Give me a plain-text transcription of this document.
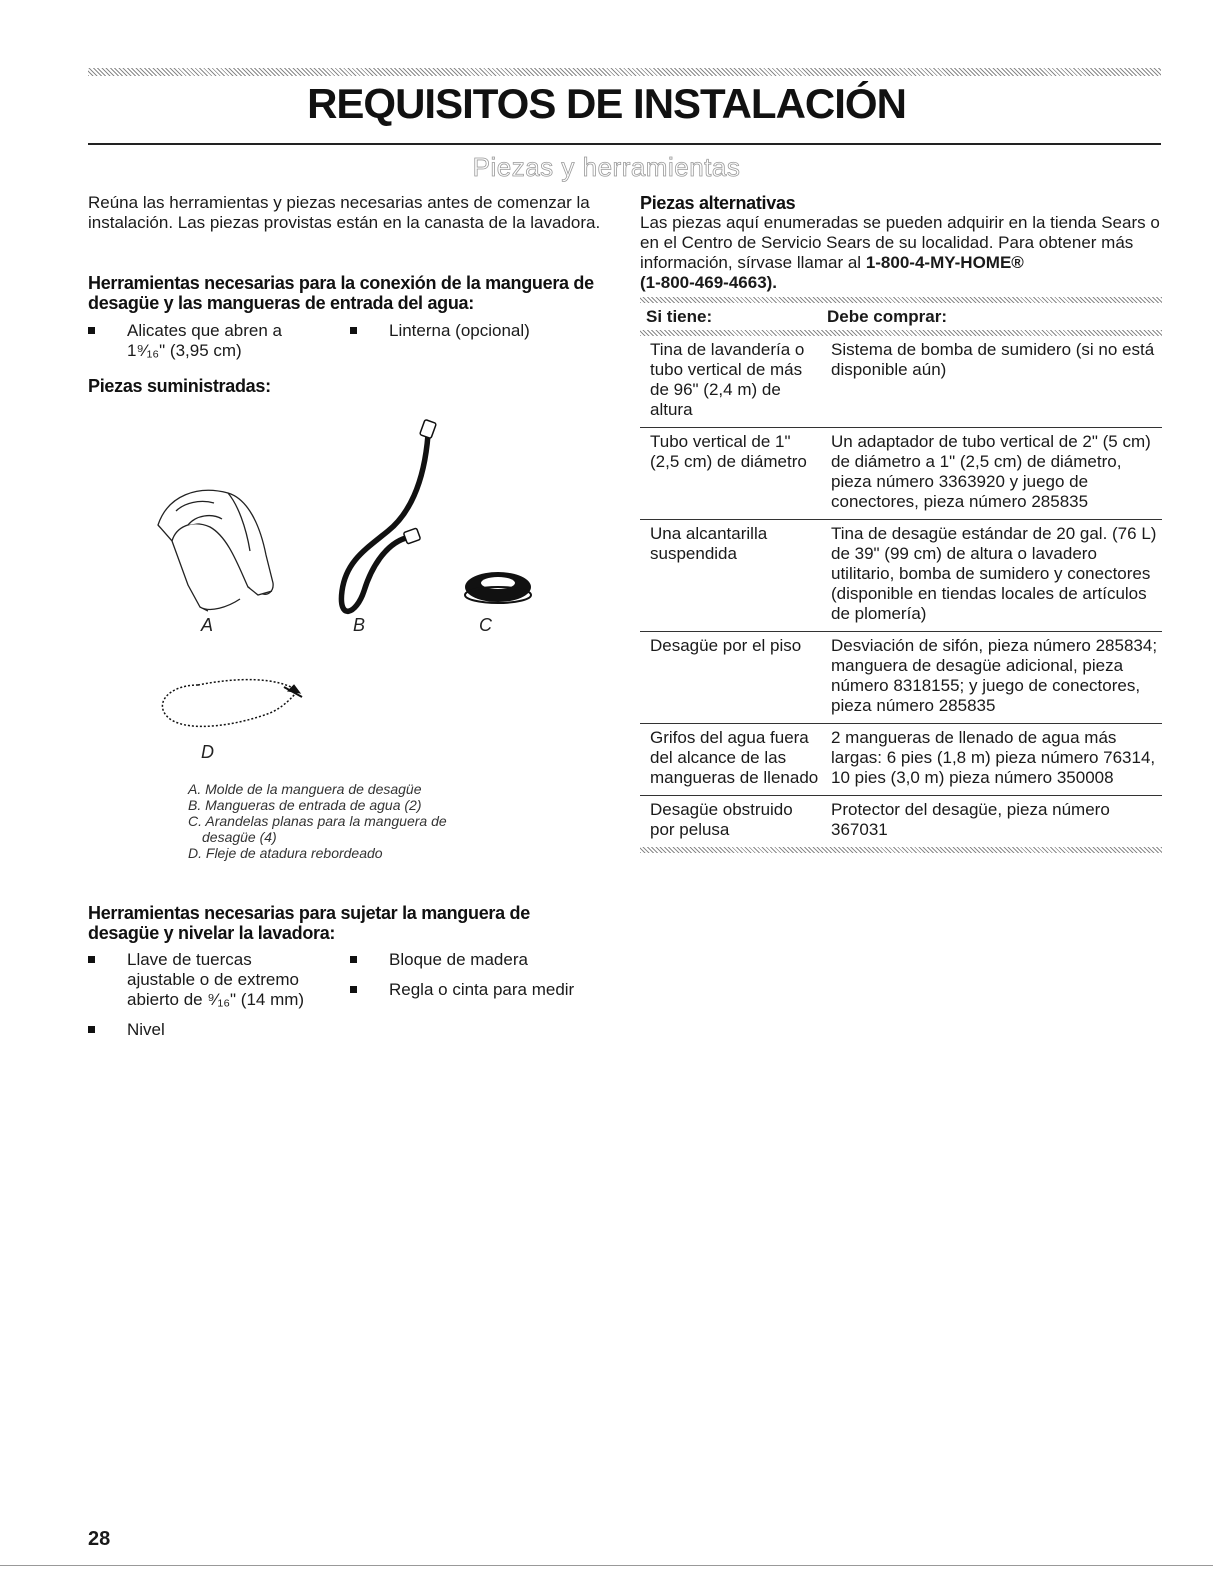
REQUISITOS DE INSTALACIÓN
Piezas y herramientas

Reúna las herramientas y piezas necesarias antes de comenzar la instalación. Las piezas provistas están en la canasta de la lavadora.

Herramientas necesarias para la conexión de la manguera de desagüe y las mangueras de entrada del agua:
Alicates que abren a 1⁹⁄₁₆" (3,95 cm)
Linterna (opcional)
Piezas suministradas:
Llave de tuercas ajustable o de extremo abierto de ⁹⁄₁₆" (14 mm)
Bloque de madera
Regla o cinta para medir
Nivel
Herramientas necesarias para sujetar la manguera de desagüe y nivelar la lavadora:
A	B	C
D
A. Molde de la manguera de desagüe
B. Mangueras de entrada de agua (2)
C. Arandelas planas para la manguera de
desagüe (4)
D. Fleje de atadura rebordeado
Piezas alternativas

Las piezas aquí enumeradas se pueden adquirir en la tienda Sears o en el Centro de Servicio Sears de su localidad. Para obtener más información, sírvase llamar al 1-800-4-MY-HOME®
(1-800-469-4663).

Si tiene:	Debe comprar:

Tina de lavandería o tubo vertical de más de 96" (2,4 m) de altura	Sistema de bomba de sumidero (si no está disponible aún)
Tubo vertical de 1" (2,5 cm) de diámetro	Un adaptador de tubo vertical de 2" (5 cm) de diámetro a 1" (2,5 cm) de diámetro, pieza número 3363920 y juego de conectores, pieza número 285835
Una alcantarilla suspendida	Tina de desagüe estándar de 20 gal. (76 L) de 39" (99 cm) de altura o lavadero utilitario, bomba de sumidero y conectores (disponible en tiendas locales de artículos de plomería)
Desagüe por el piso	Desviación de sifón, pieza número 285834; manguera de desagüe adicional, pieza número 8318155; y juego de conectores, pieza número 285835
Grifos del agua fuera del alcance de las mangueras de llenado	2 mangueras de llenado de agua más largas: 6 pies (1,8 m) pieza número 76314, 10 pies (3,0 m) pieza número 350008
Desagüe obstruido por pelusa	Protector del desagüe, pieza número 367031
28
